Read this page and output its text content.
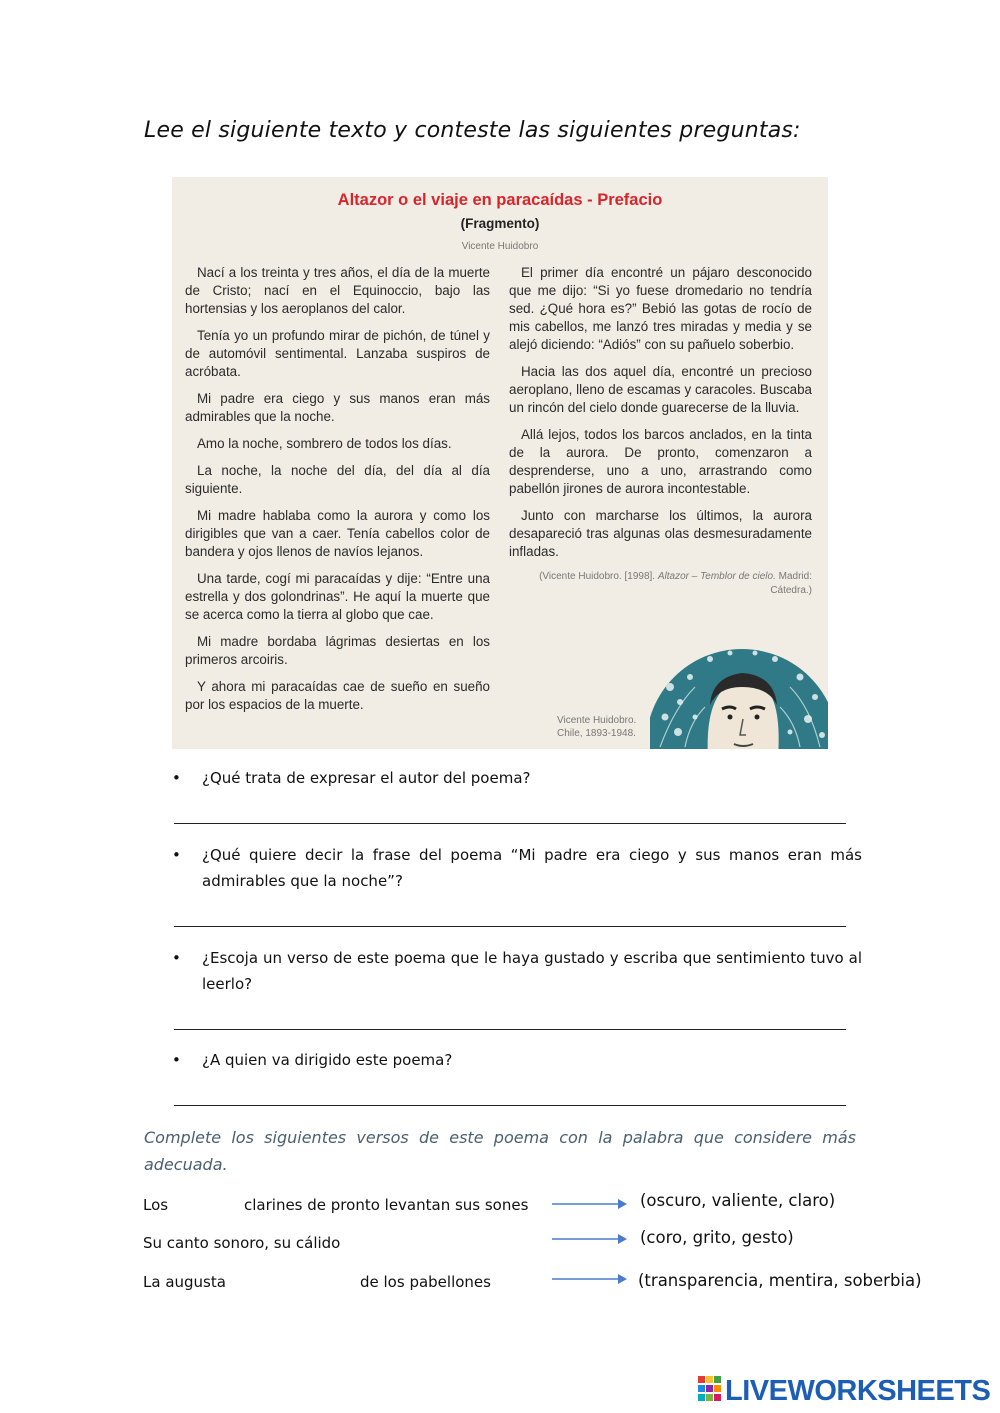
Lee el siguiente texto y conteste las siguientes preguntas:
Altazor o el viaje en paracaídas - Prefacio
(Fragmento)
Vicente Huidobro

Nací a los treinta y tres años, el día de la muerte de Cristo; nací en el Equinoccio, bajo las hortensias y los aeroplanos del calor.

Tenía yo un profundo mirar de pichón, de túnel y de automóvil sentimental. Lanzaba suspiros de acróbata.

Mi padre era ciego y sus manos eran más admirables que la noche.

Amo la noche, sombrero de todos los días.

La noche, la noche del día, del día al día siguiente.

Mi madre hablaba como la aurora y como los dirigibles que van a caer. Tenía cabellos color de bandera y ojos llenos de navíos lejanos.

Una tarde, cogí mi paracaídas y dije: “Entre una estrella y dos golondrinas”. He aquí la muerte que se acerca como la tierra al globo que cae.

Mi madre bordaba lágrimas desiertas en los primeros arcoiris.

Y ahora mi paracaídas cae de sueño en sueño por los espacios de la muerte.

El primer día encontré un pájaro desconocido que me dijo: “Si yo fuese dromedario no tendría sed. ¿Qué hora es?” Bebió las gotas de rocío de mis cabellos, me lanzó tres miradas y media y se alejó diciendo: “Adiós” con su pañuelo soberbio.

Hacia las dos aquel día, encontré un precioso aeroplano, lleno de escamas y caracoles. Buscaba un rincón del cielo donde guarecerse de la lluvia.

Allá lejos, todos los barcos anclados, en la tinta de la aurora. De pronto, comenzaron a desprenderse, uno a uno, arrastrando como pabellón jirones de aurora incontestable.

Junto con marcharse los últimos, la aurora desapareció tras algunas olas desmesuradamente infladas.

(Vicente Huidobro. [1998]. Altazor – Temblor de cielo. Madrid: Cátedra.)
Vicente Huidobro.
Chile, 1893-1948.
• ¿Qué trata de expresar el autor del poema?
• ¿Qué quiere decir la frase del poema “Mi padre era ciego y sus manos eran más admirables que la noche”?
• ¿Escoja un verso de este poema que le haya gustado y escriba que sentimiento tuvo al leerlo?
• ¿A quien va dirigido este poema?
Complete los siguientes versos de este poema con la palabra que considere más adecuada.
Los	clarines de pronto levantan sus sones	(oscuro, valiente, claro)
Su canto sonoro, su cálido	(coro, grito, gesto)
La augusta	de los pabellones	(transparencia, mentira, soberbia)
LIVEWORKSHEETS
